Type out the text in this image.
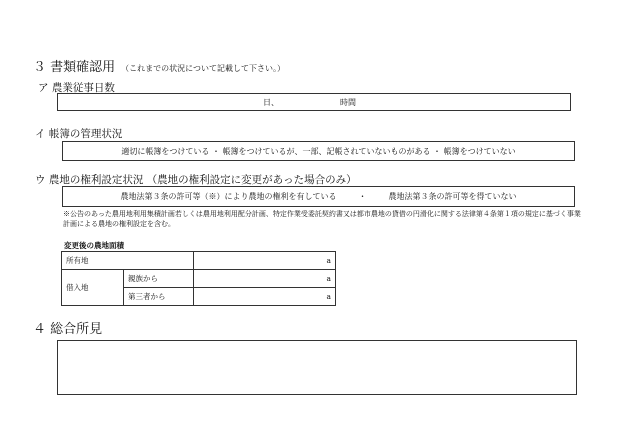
３ 書類確認用 （これまでの状況について記載して下さい。）
ア 農業従事日数
日、	時間
イ 帳簿の管理状況
適切に帳簿をつけている ・ 帳簿をつけているが、一部、記帳されていないものがある ・ 帳簿をつけていない
ウ 農地の権利設定状況 （農地の権利設定に変更があった場合のみ）
農地法第３条の許可等（※）により農地の権利を有している	・	農地法第３条の許可等を得ていない
※公告のあった農用地利用集積計画若しくは農用地利用配分計画、特定作業受委託契約書又は都市農地の貸借の円滑化に関する法律第４条第１項の規定に基づく事業計画による農地の権利設定を含む。
変更後の農地面積
所有地		a
借入地	親族から	a
	第三者から	a
４ 総合所見
